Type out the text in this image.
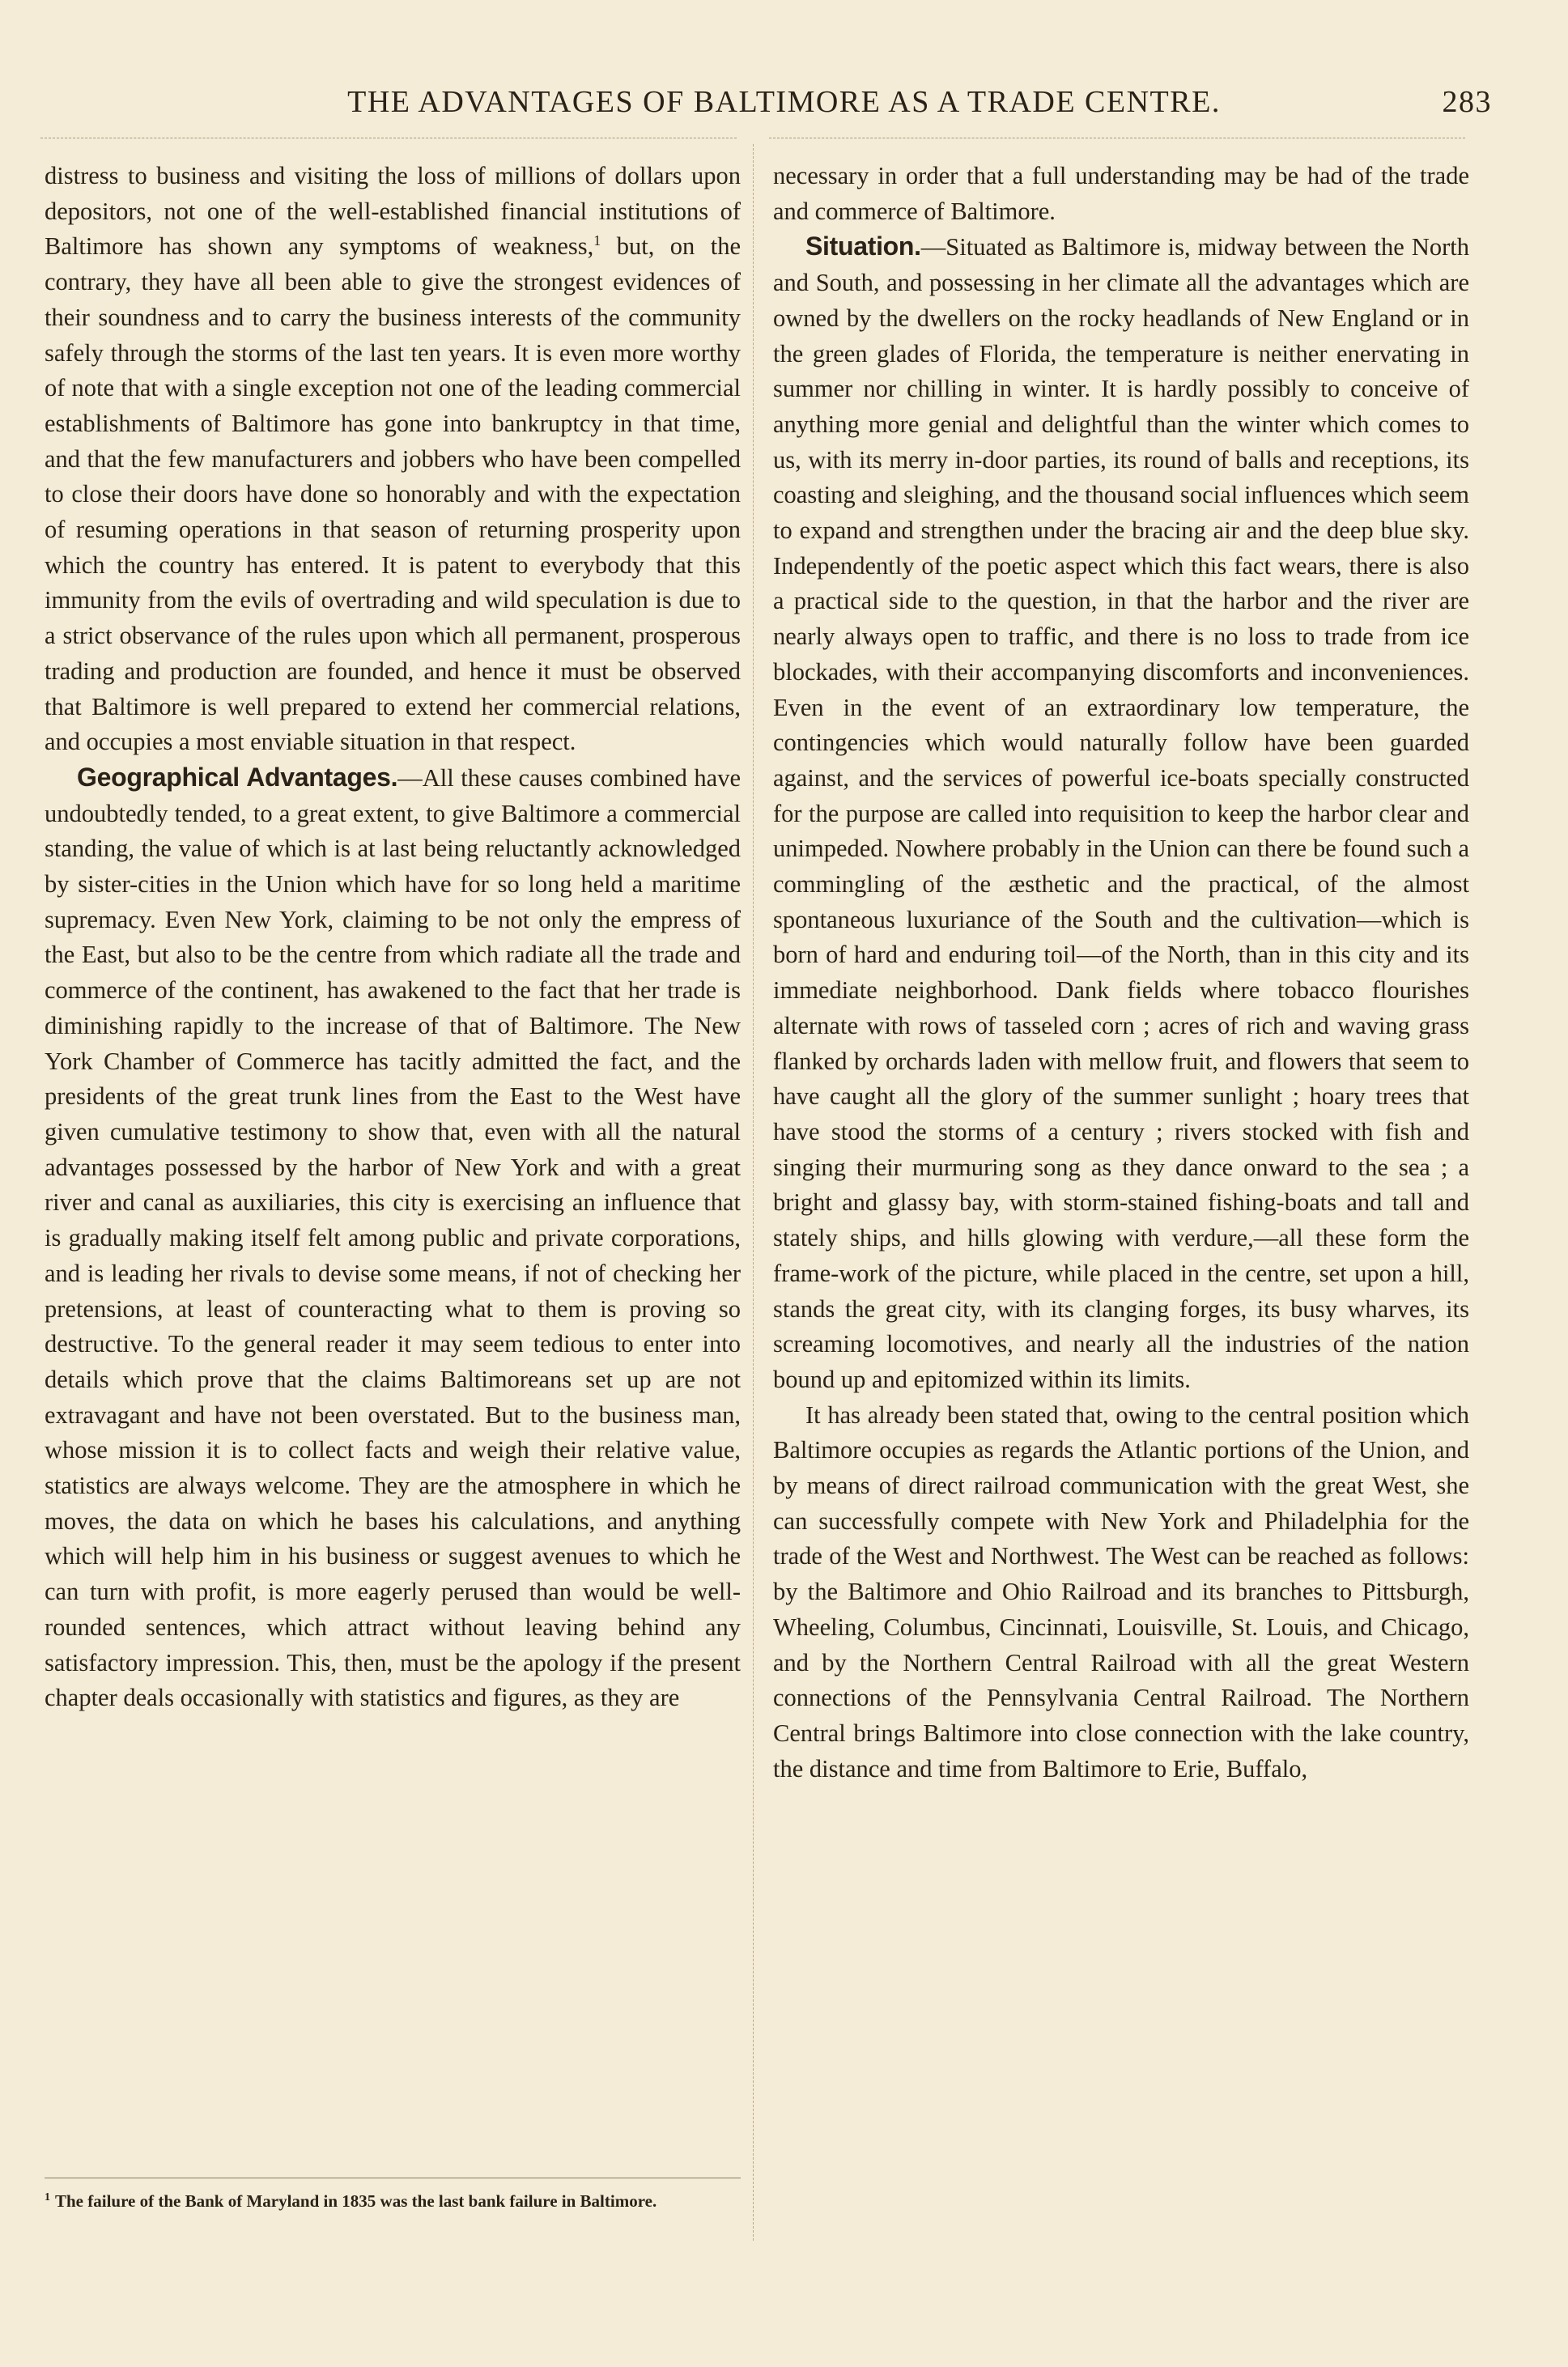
THE ADVANTAGES OF BALTIMORE AS A TRADE CENTRE.	283

distress to business and visiting the loss of millions of dollars upon depositors, not one of the well-established financial institutions of Baltimore has shown any symptoms of weakness,$^1$ but, on the contrary, they have all been able to give the strongest evidences of their soundness and to carry the business interests of the community safely through the storms of the last ten years. It is even more worthy of note that with a single exception not one of the leading commercial establishments of Baltimore has gone into bankruptcy in that time, and that the few manufacturers and jobbers who have been compelled to close their doors have done so honorably and with the expectation of resuming operations in that season of returning prosperity upon which the country has entered. It is patent to everybody that this immunity from the evils of overtrading and wild speculation is due to a strict observance of the rules upon which all permanent, prosperous trading and production are founded, and hence it must be observed that Baltimore is well prepared to extend her commercial relations, and occupies a most enviable situation in that respect.

Geographical Advantages.—All these causes combined have undoubtedly tended, to a great extent, to give Baltimore a commercial standing, the value of which is at last being reluctantly acknowledged by sister-cities in the Union which have for so long held a maritime supremacy. Even New York, claiming to be not only the empress of the East, but also to be the centre from which radiate all the trade and commerce of the continent, has awakened to the fact that her trade is diminishing rapidly to the increase of that of Baltimore. The New York Chamber of Commerce has tacitly admitted the fact, and the presidents of the great trunk lines from the East to the West have given cumulative testimony to show that, even with all the natural advantages possessed by the harbor of New York and with a great river and canal as auxiliaries, this city is exercising an influence that is gradually making itself felt among public and private corporations, and is leading her rivals to devise some means, if not of checking her pretensions, at least of counteracting what to them is proving so destructive. To the general reader it may seem tedious to enter into details which prove that the claims Baltimoreans set up are not extravagant and have not been overstated. But to the business man, whose mission it is to collect facts and weigh their relative value, statistics are always welcome. They are the atmosphere in which he moves, the data on which he bases his calculations, and anything which will help him in his business or suggest avenues to which he can turn with profit, is more eagerly perused than would be well-rounded sentences, which attract without leaving behind any satisfactory impression. This, then, must be the apology if the present chapter deals occasionally with statistics and figures, as they are

$^1$ The failure of the Bank of Maryland in 1835 was the last bank failure in Baltimore.

necessary in order that a full understanding may be had of the trade and commerce of Baltimore.

Situation.—Situated as Baltimore is, midway between the North and South, and possessing in her climate all the advantages which are owned by the dwellers on the rocky headlands of New England or in the green glades of Florida, the temperature is neither enervating in summer nor chilling in winter. It is hardly possibly to conceive of anything more genial and delightful than the winter which comes to us, with its merry in-door parties, its round of balls and receptions, its coasting and sleighing, and the thousand social influences which seem to expand and strengthen under the bracing air and the deep blue sky. Independently of the poetic aspect which this fact wears, there is also a practical side to the question, in that the harbor and the river are nearly always open to traffic, and there is no loss to trade from ice blockades, with their accompanying discomforts and inconveniences. Even in the event of an extraordinary low temperature, the contingencies which would naturally follow have been guarded against, and the services of powerful ice-boats specially constructed for the purpose are called into requisition to keep the harbor clear and unimpeded. Nowhere probably in the Union can there be found such a commingling of the æsthetic and the practical, of the almost spontaneous luxuriance of the South and the cultivation—which is born of hard and enduring toil—of the North, than in this city and its immediate neighborhood. Dank fields where tobacco flourishes alternate with rows of tasseled corn ; acres of rich and waving grass flanked by orchards laden with mellow fruit, and flowers that seem to have caught all the glory of the summer sunlight ; hoary trees that have stood the storms of a century ; rivers stocked with fish and singing their murmuring song as they dance onward to the sea ; a bright and glassy bay, with storm-stained fishing-boats and tall and stately ships, and hills glowing with verdure,—all these form the frame-work of the picture, while placed in the centre, set upon a hill, stands the great city, with its clanging forges, its busy wharves, its screaming locomotives, and nearly all the industries of the nation bound up and epitomized within its limits.

It has already been stated that, owing to the central position which Baltimore occupies as regards the Atlantic portions of the Union, and by means of direct railroad communication with the great West, she can successfully compete with New York and Philadelphia for the trade of the West and Northwest. The West can be reached as follows: by the Baltimore and Ohio Railroad and its branches to Pittsburgh, Wheeling, Columbus, Cincinnati, Louisville, St. Louis, and Chicago, and by the Northern Central Railroad with all the great Western connections of the Pennsylvania Central Railroad. The Northern Central brings Baltimore into close connection with the lake country, the distance and time from Baltimore to Erie, Buffalo,
